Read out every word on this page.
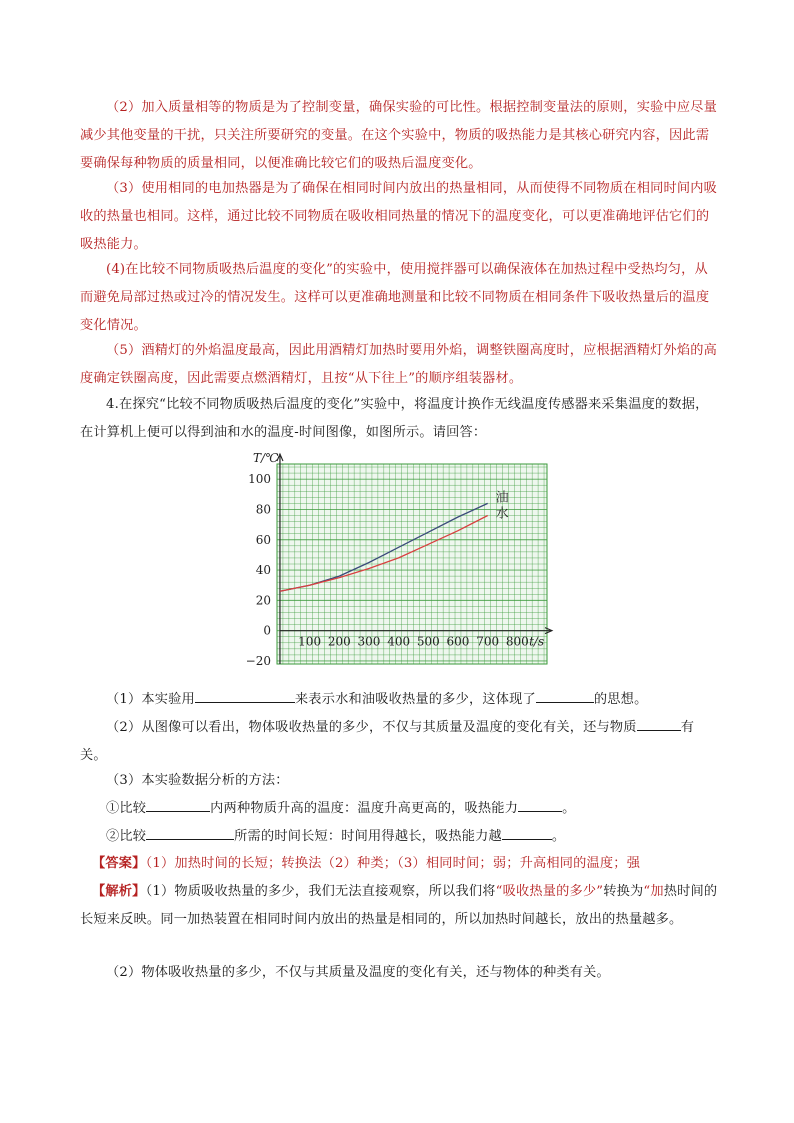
（2）加入质量相等的物质是为了控制变量，确保实验的可比性。根据控制变量法的原则，实验中应尽量减少其他变量的干扰，只关注所要研究的变量。在这个实验中，物质的吸热能力是其核心研究内容，因此需要确保每种物质的质量相同，以便准确比较它们的吸热后温度变化。

（3）使用相同的电加热器是为了确保在相同时间内放出的热量相同，从而使得不同物质在相同时间内吸收的热量也相同。这样，通过比较不同物质在吸收相同热量的情况下的温度变化，可以更准确地评估它们的吸热能力。

(4)在比较不同物质吸热后温度的变化”的实验中，使用搅拌器可以确保液体在加热过程中受热均匀，从而避免局部过热或过冷的情况发生。这样可以更准确地测量和比较不同物质在相同条件下吸收热量后的温度变化情况。

（5）酒精灯的外焰温度最高，因此用酒精灯加热时要用外焰，调整铁圈高度时，应根据酒精灯外焰的高度确定铁圈高度，因此需要点燃酒精灯，且按“从下往上”的顺序组装器材。

4.在探究“比较不同物质吸热后温度的变化”实验中，将温度计换作无线温度传感器来采集温度的数据，在计算机上便可以得到油和水的温度-时间图像，如图所示。请回答：

100
80
60
40
20
0
−20
100 200 300 400 500 600 700 800
T/℃
t/s
油
水

（1）本实验用	来表示水和油吸收热量的多少，这体现了	的思想。

（2）从图像可以看出，物体吸收热量的多少，不仅与其质量及温度的变化有关，还与物质	有关。

（3）本实验数据分析的方法：

①比较	内两种物质升高的温度：温度升高更高的，吸热能力	。

②比较	所需的时间长短：时间用得越长，吸热能力越	。

【答案】（1）加热时间的长短；转换法（2）种类；（3）相同时间；弱；升高相同的温度；强

【解析】（1）物质吸收热量的多少，我们无法直接观察，所以我们将“吸收热量的多少”转换为“加热时间的长短来反映。同一加热装置在相同时间内放出的热量是相同的，所以加热时间越长，放出的热量越多。

（2）物体吸收热量的多少，不仅与其质量及温度的变化有关，还与物体的种类有关。
